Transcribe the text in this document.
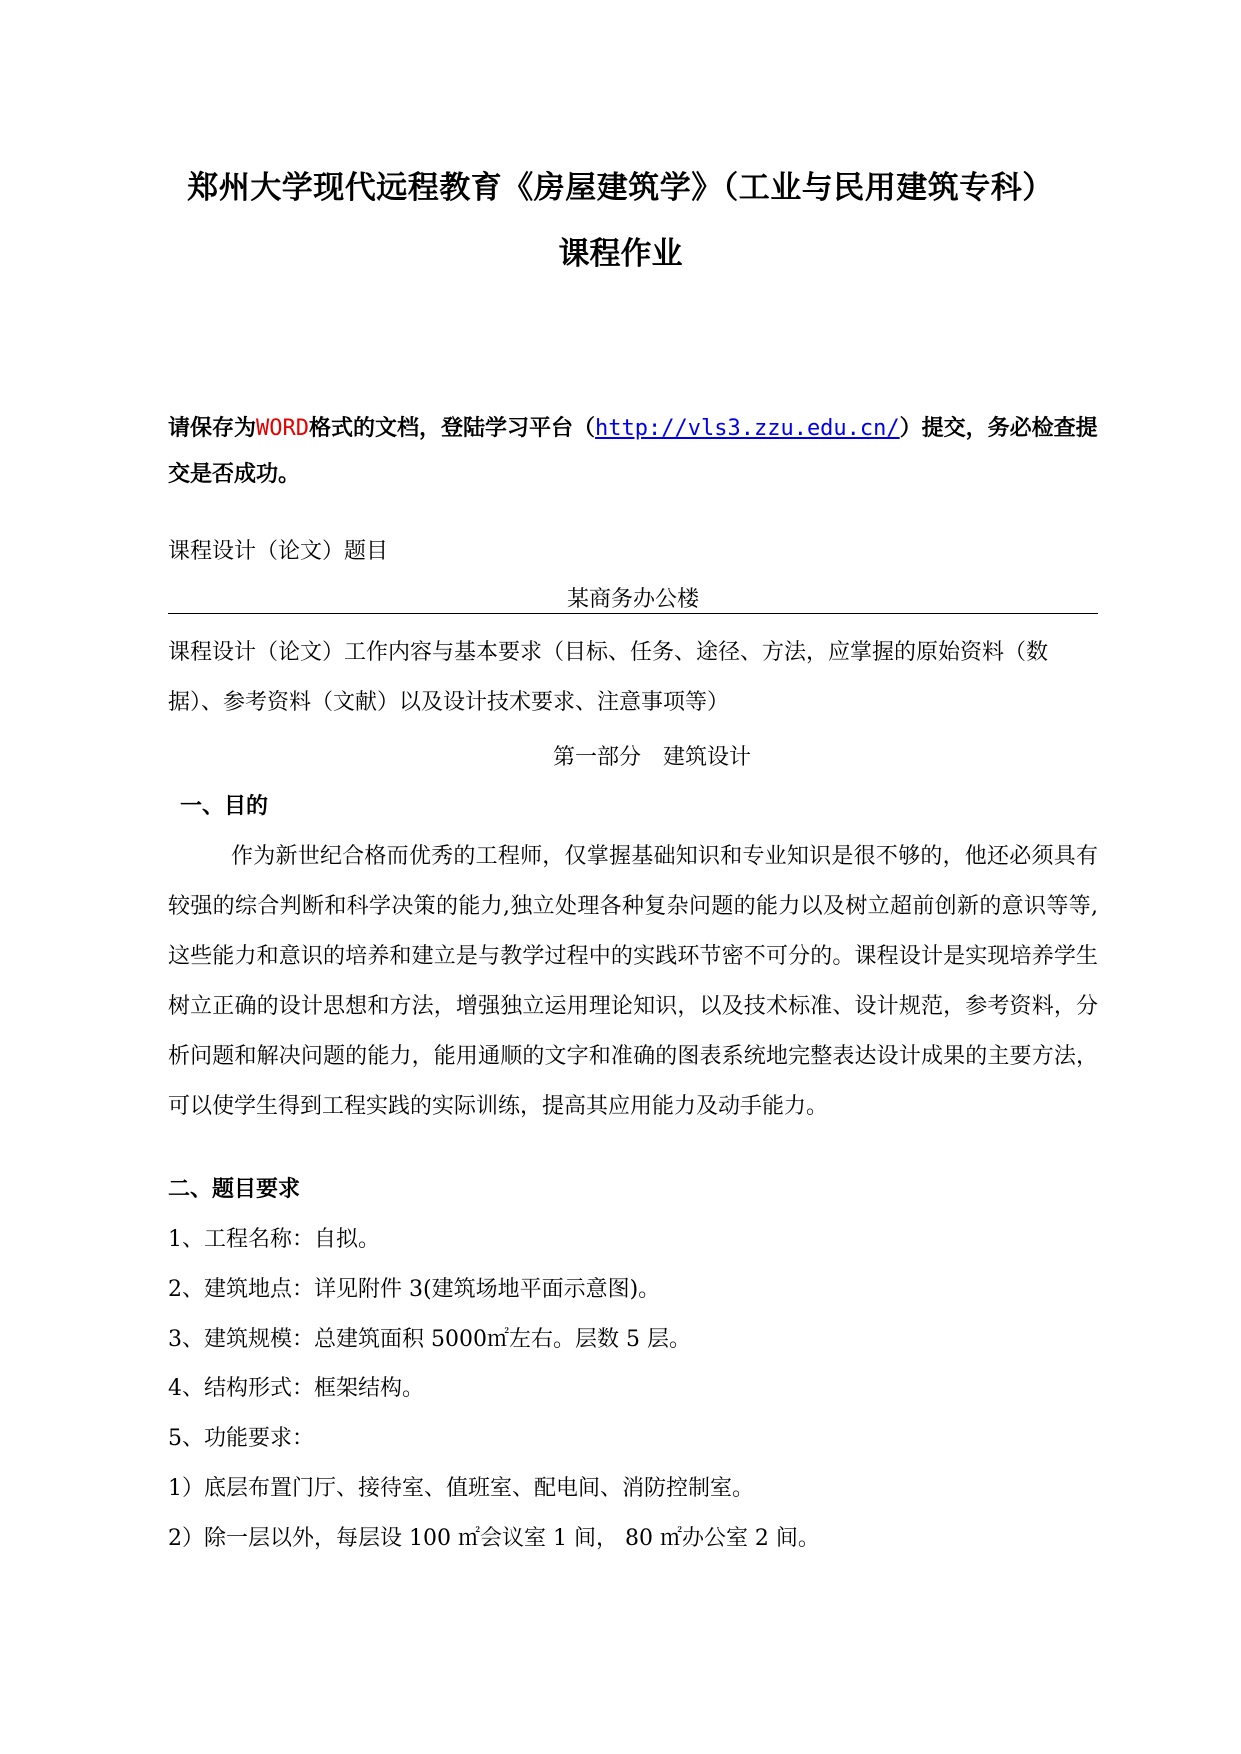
郑州大学现代远程教育《房屋建筑学》（工业与民用建筑专科）
课程作业
请保存为WORD格式的文档，登陆学习平台（http://vls3.zzu.edu.cn/）提交，务必检查提交是否成功。
课程设计（论文）题目
某商务办公楼
课程设计（论文）工作内容与基本要求（目标、任务、途径、方法，应掌握的原始资料（数据）、参考资料（文献）以及设计技术要求、注意事项等）
第一部分　建筑设计
一、目的
作为新世纪合格而优秀的工程师，仅掌握基础知识和专业知识是很不够的，他还必须具有较强的综合判断和科学决策的能力,独立处理各种复杂问题的能力以及树立超前创新的意识等等,这些能力和意识的培养和建立是与教学过程中的实践环节密不可分的。课程设计是实现培养学生树立正确的设计思想和方法，增强独立运用理论知识，以及技术标准、设计规范，参考资料，分析问题和解决问题的能力，能用通顺的文字和准确的图表系统地完整表达设计成果的主要方法，可以使学生得到工程实践的实际训练，提高其应用能力及动手能力。
二、题目要求
1、工程名称：自拟。
2、建筑地点：详见附件 3(建筑场地平面示意图)。
3、建筑规模：总建筑面积 5000㎡左右。层数 5 层。
4、结构形式：框架结构。
5、功能要求：
1）底层布置门厅、接待室、值班室、配电间、消防控制室。
2）除一层以外，每层设 100 ㎡会议室 1 间， 80 ㎡办公室 2 间。
